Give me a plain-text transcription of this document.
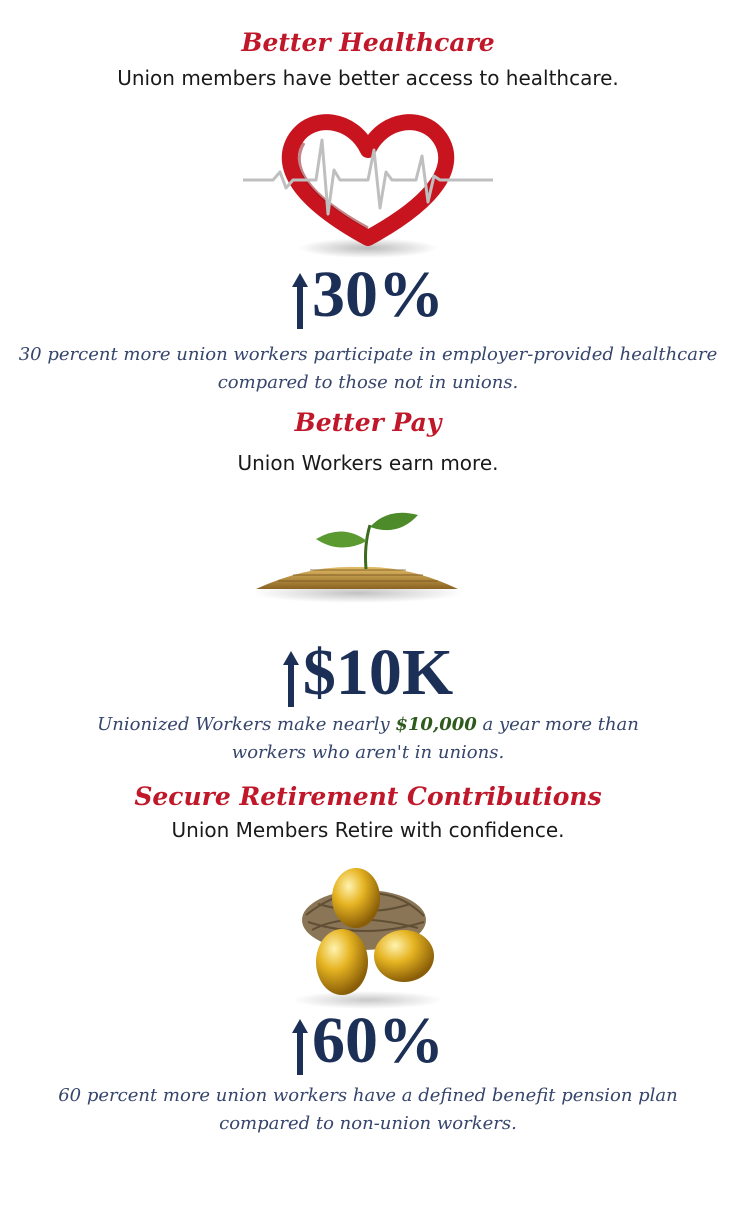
Better Healthcare

Union members have better access to healthcare.

30%

30 percent more union workers participate in employer-provided healthcare compared to those not in unions.

Better Pay

Union Workers earn more.

$10K

Unionized Workers make nearly $10,000 a year more than workers who aren't in unions.

Secure Retirement Contributions

Union Members Retire with confidence.

60%

60 percent more union workers have a defined benefit pension plan compared to non-union workers.
